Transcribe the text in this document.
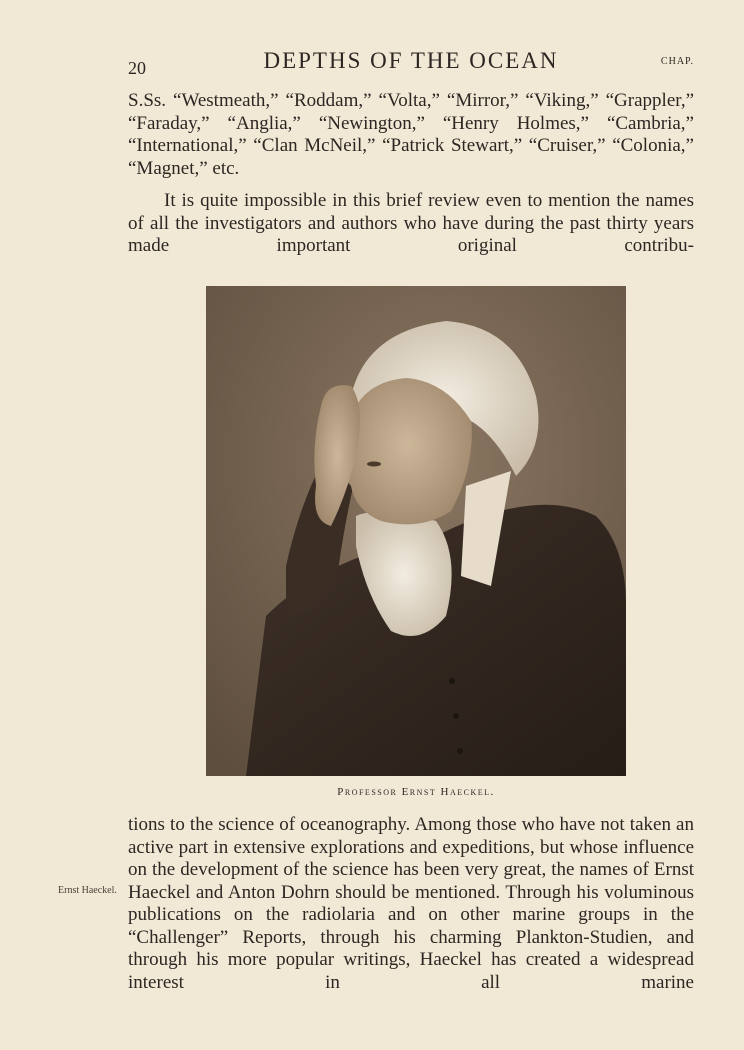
20	DEPTHS OF THE OCEAN	CHAP.

S.Ss. “Westmeath,” “Roddam,” “Volta,” “Mirror,” “Viking,” “Grappler,” “Faraday,” “Anglia,” “Newington,” “Henry Holmes,” “Cambria,” “International,” “Clan McNeil,” “Patrick Stewart,” “Cruiser,” “Colonia,” “Magnet,” etc.

It is quite impossible in this brief review even to mention the names of all the investigators and authors who have during the past thirty years made important original contribu-

Professor Ernst Haeckel.

tions to the science of oceanography. Among those who have not taken an active part in extensive explorations and expeditions, but whose influence on the development of the science has been very great, the names of Ernst Haeckel and Anton Dohrn should be mentioned. Through his voluminous publications on the radiolaria and on other marine groups in the “Challenger” Reports, through his charming Plankton-Studien, and through his more popular writings, Haeckel has created a widespread interest in all marine

Ernst Haeckel.
